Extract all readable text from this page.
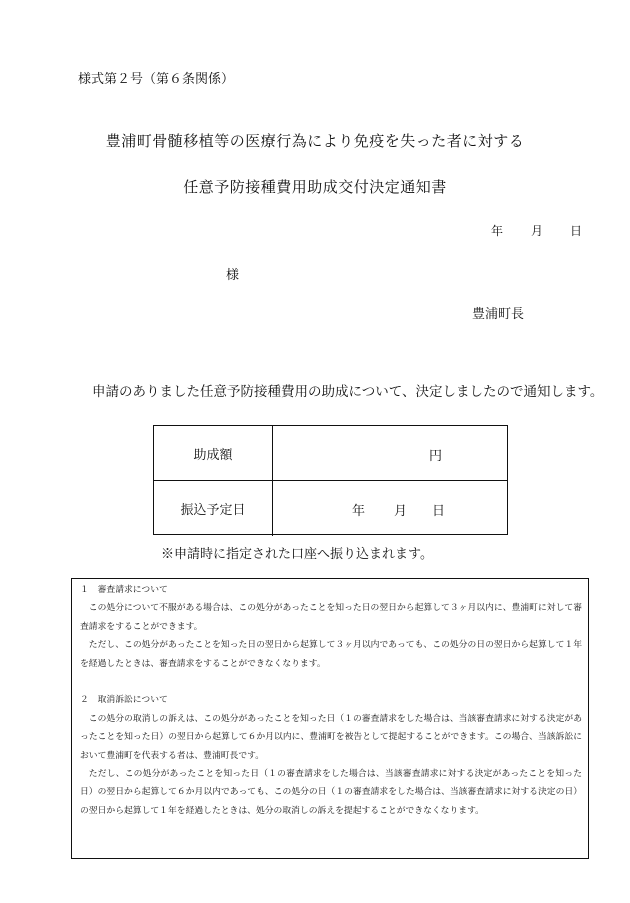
様式第２号（第６条関係）
豊浦町骨髄移植等の医療行為により免疫を失った者に対する
任意予防接種費用助成交付決定通知書
年 月 日
様
豊浦町長
申請のありました任意予防接種費用の助成について、決定しましたので通知します。
助成額	円
振込予定日	年 月 日
※申請時に指定された口座へ振り込まれます。
１　審査請求について
この処分について不服がある場合は、この処分があったことを知った日の翌日から起算して３ヶ月以内に、豊浦町に対して審査請求をすることができます。
ただし、この処分があったことを知った日の翌日から起算して３ヶ月以内であっても、この処分の日の翌日から起算して１年を経過したときは、審査請求をすることができなくなります。
２　取消訴訟について
この処分の取消しの訴えは、この処分があったことを知った日（１の審査請求をした場合は、当該審査請求に対する決定があったことを知った日）の翌日から起算して６か月以内に、豊浦町を被告として提起することができます。この場合、当該訴訟において豊浦町を代表する者は、豊浦町長です。
ただし、この処分があったことを知った日（１の審査請求をした場合は、当該審査請求に対する決定があったことを知った日）の翌日から起算して６か月以内であっても、この処分の日（１の審査請求をした場合は、当該審査請求に対する決定の日）の翌日から起算して１年を経過したときは、処分の取消しの訴えを提起することができなくなります。
